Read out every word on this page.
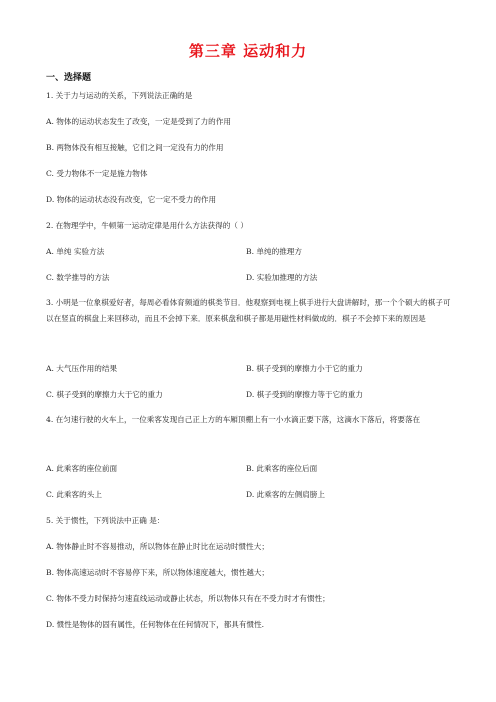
第三章 运动和力
一、选择题
1. 关于力与运动的关系，下列说法正确的是
A. 物体的运动状态发生了改变，一定是受到了力的作用
B. 两物体没有相互接触，它们之间一定没有力的作用
C. 受力物体不一定是施力物体
D. 物体的运动状态没有改变，它一定不受力的作用
2. 在物理学中，牛顿第一运动定律是用什么方法获得的（ ）
A. 单纯 实验方法	B. 单纯的推理方
C. 数学推导的方法	D. 实验加推理的方法
3. 小明是一位象棋爱好者，每周必看体育频道的棋类节目．他观察到电视上棋手进行大盘讲解时，那一个个硕大的棋子可以在竖直的棋盘上来回移动，而且不会掉下来．原来棋盘和棋子都是用磁性材料做成的．棋子不会掉下来的原因是
A. 大气压作用的结果	B. 棋子受到的摩擦力小于它的重力
C. 棋子受到的摩擦力大于它的重力	D. 棋子受到的摩擦力等于它的重力
4. 在匀速行驶的火车上，一位乘客发现自己正上方的车厢顶棚上有一小水滴正要下落，这滴水下落后，将要落在
A. 此乘客的座位前面	B. 此乘客的座位后面
C. 此乘客的头上	D. 此乘客的左侧肩膀上
5. 关于惯性，下列说法中正确 是：
A. 物体静止时不容易推动，所以物体在静止时比在运动时惯性大；
B. 物体高速运动时不容易停下来，所以物体速度越大，惯性越大；
C. 物体不受力时保持匀速直线运动或静止状态，所以物体只有在不受力时才有惯性；
D. 惯性是物体的固有属性，任何物体在任何情况下，都具有惯性.
